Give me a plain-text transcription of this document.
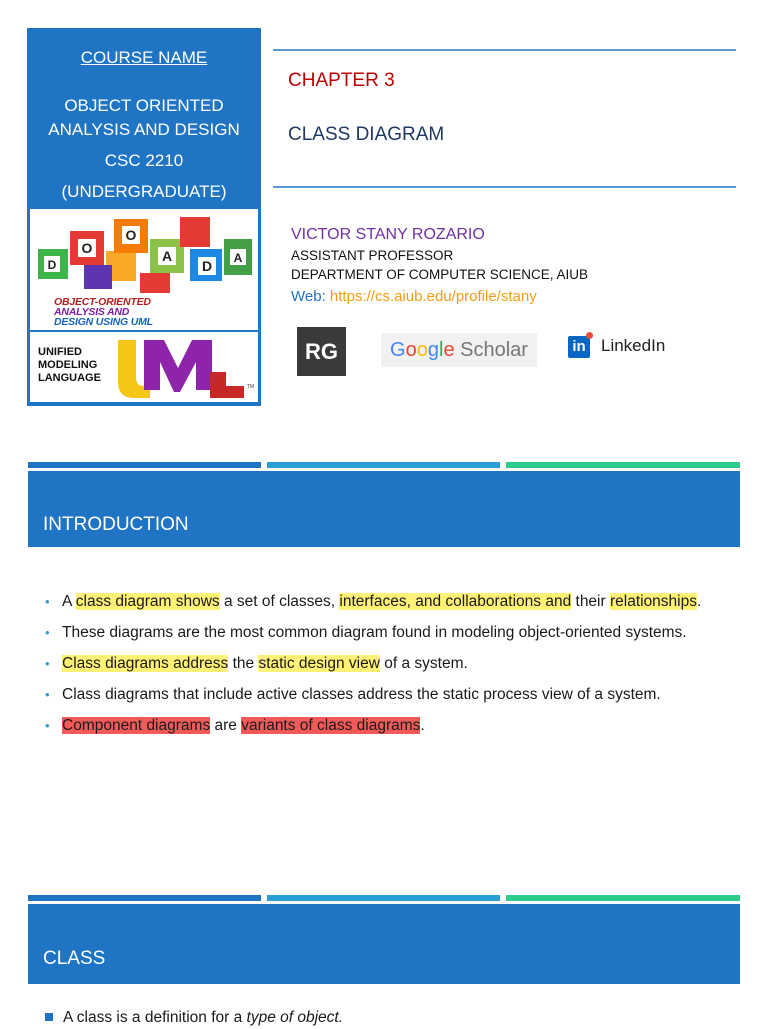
COURSE NAME
OBJECT ORIENTED
ANALYSIS AND DESIGN
CSC 2210
(UNDERGRADUATE)
O
A
D
O
A
D
OBJECT-ORIENTED
ANALYSIS AND
DESIGN USING UML
UNIFIED
MODELING
LANGUAGE
TM
CHAPTER 3
CLASS DIAGRAM
VICTOR STANY ROZARIO
ASSISTANT PROFESSOR
DEPARTMENT OF COMPUTER SCIENCE, AIUB
Web: https://cs.aiub.edu/profile/stany
RG	Google Scholar	in LinkedIn
INTRODUCTION
• A class diagram shows a set of classes, interfaces, and collaborations and their relationships.
• These diagrams are the most common diagram found in modeling object-oriented systems.
• Class diagrams address the static design view of a system.
• Class diagrams that include active classes address the static process view of a system.
• Component diagrams are variants of class diagrams.
CLASS
A class is a definition for a type of object.
